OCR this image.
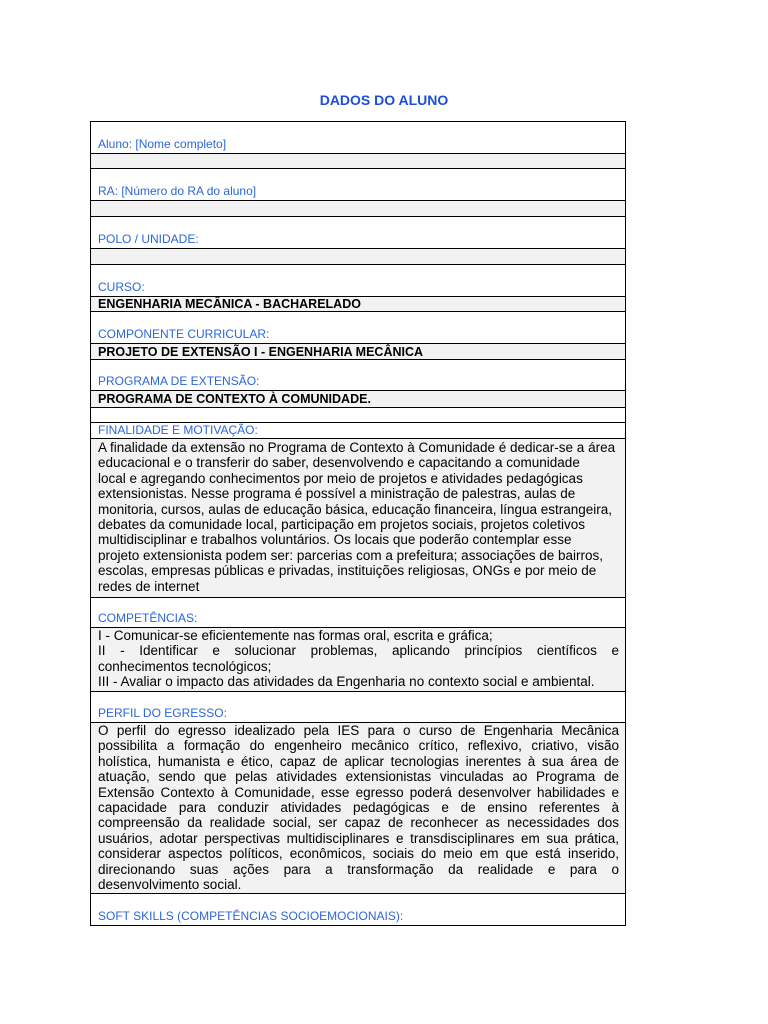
DADOS DO ALUNO
Aluno: [Nome completo]
RA: [Número do RA do aluno]
POLO / UNIDADE:
CURSO:
ENGENHARIA MECÂNICA - BACHARELADO
COMPONENTE CURRICULAR:
PROJETO DE EXTENSÃO I - ENGENHARIA MECÂNICA
PROGRAMA DE EXTENSÃO:
PROGRAMA DE CONTEXTO À COMUNIDADE.
FINALIDADE E MOTIVAÇÃO:
A finalidade da extensão no Programa de Contexto à Comunidade é dedicar-se a área
educacional e o transferir do saber, desenvolvendo e capacitando a comunidade
local e agregando conhecimentos por meio de projetos e atividades pedagógicas
extensionistas. Nesse programa é possível a ministração de palestras, aulas de
monitoria, cursos, aulas de educação básica, educação financeira, língua estrangeira,
debates da comunidade local, participação em projetos sociais, projetos coletivos
multidisciplinar e trabalhos voluntários. Os locais que poderão contemplar esse
projeto extensionista podem ser: parcerias com a prefeitura; associações de bairros,
escolas, empresas públicas e privadas, instituições religiosas, ONGs e por meio de
redes de internet
COMPETÊNCIAS:
I - Comunicar-se eficientemente nas formas oral, escrita e gráfica;
II - Identificar e solucionar problemas, aplicando princípios científicos e
conhecimentos tecnológicos;
III - Avaliar o impacto das atividades da Engenharia no contexto social e ambiental.
PERFIL DO EGRESSO:
O perfil do egresso idealizado pela IES para o curso de Engenharia Mecânica
possibilita a formação do engenheiro mecânico crítico, reflexivo, criativo, visão
holística, humanista e ético, capaz de aplicar tecnologias inerentes à sua área de
atuação, sendo que pelas atividades extensionistas vinculadas ao Programa de
Extensão Contexto à Comunidade, esse egresso poderá desenvolver habilidades e
capacidade para conduzir atividades pedagógicas e de ensino referentes à
compreensão da realidade social, ser capaz de reconhecer as necessidades dos
usuários, adotar perspectivas multidisciplinares e transdisciplinares em sua prática,
considerar aspectos políticos, econômicos, sociais do meio em que está inserido,
direcionando suas ações para a transformação da realidade e para o
desenvolvimento social.
SOFT SKILLS (COMPETÊNCIAS SOCIOEMOCIONAIS):
